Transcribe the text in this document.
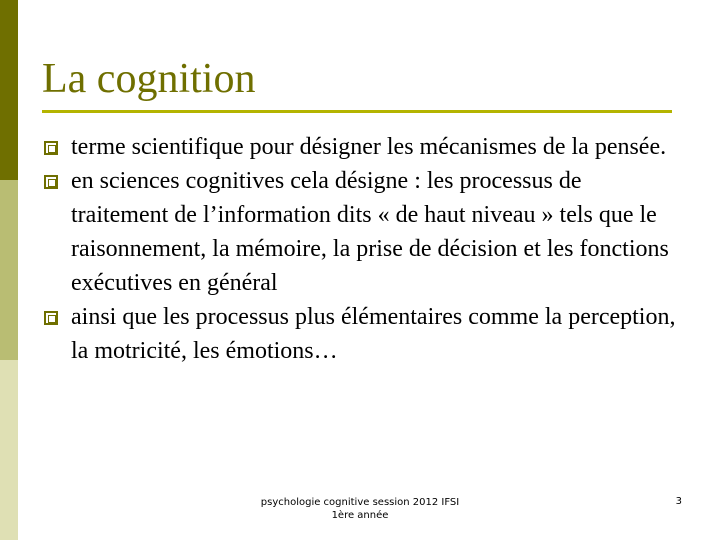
La cognition
terme scientifique pour désigner les mécanismes de la pensée.
en sciences cognitives cela désigne : les processus de traitement de l’information dits « de haut niveau » tels que le raisonnement, la mémoire, la prise de décision et les fonctions exécutives en général
ainsi que les processus plus élémentaires comme la perception, la motricité, les émotions…
psychologie cognitive session 2012 IFSI
1ère année
3
